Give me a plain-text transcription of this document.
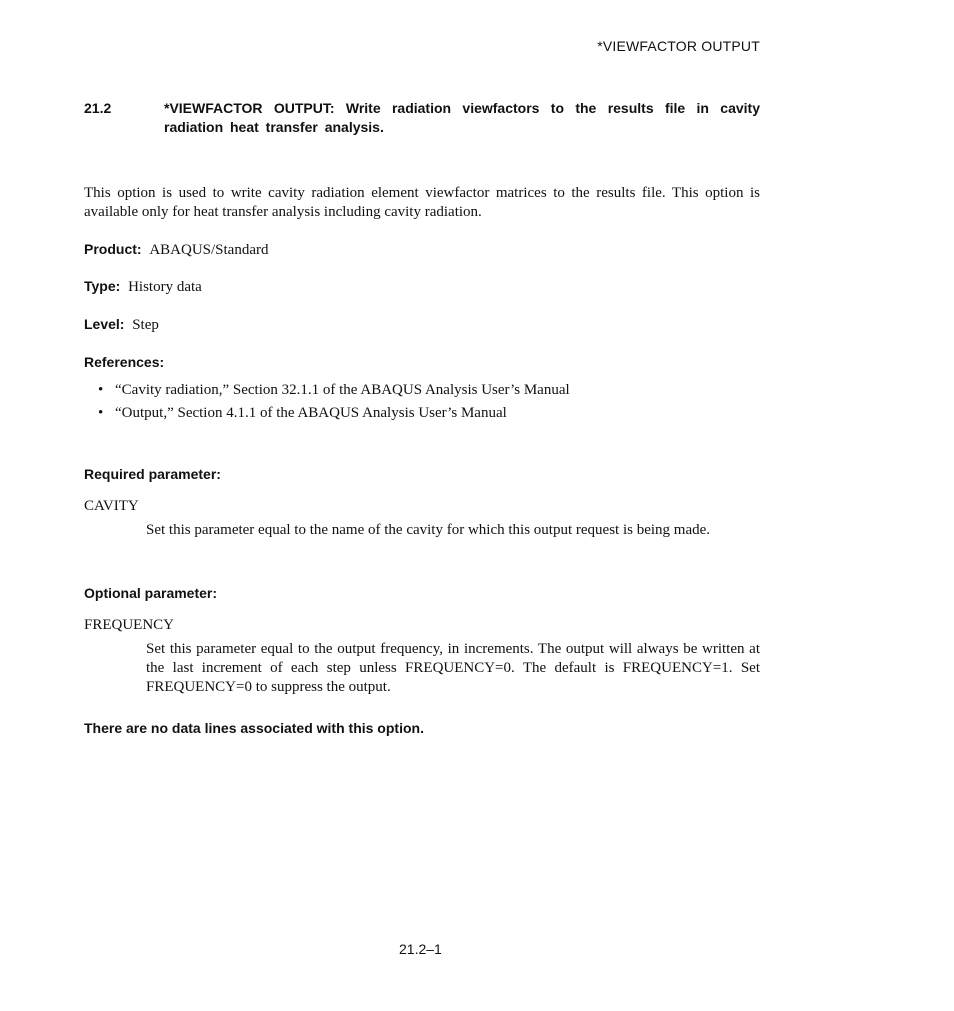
*VIEWFACTOR OUTPUT
21.2	*VIEWFACTOR OUTPUT: Write radiation viewfactors to the results file in cavity radiation heat transfer analysis.
This option is used to write cavity radiation element viewfactor matrices to the results file. This option is available only for heat transfer analysis including cavity radiation.
Product: ABAQUS/Standard
Type: History data
Level: Step
References:
• “Cavity radiation,” Section 32.1.1 of the ABAQUS Analysis User’s Manual
• “Output,” Section 4.1.1 of the ABAQUS Analysis User’s Manual
Required parameter:
CAVITY
Set this parameter equal to the name of the cavity for which this output request is being made.
Optional parameter:
FREQUENCY
Set this parameter equal to the output frequency, in increments. The output will always be written at the last increment of each step unless FREQUENCY=0. The default is FREQUENCY=1. Set FREQUENCY=0 to suppress the output.
There are no data lines associated with this option.
21.2–1
